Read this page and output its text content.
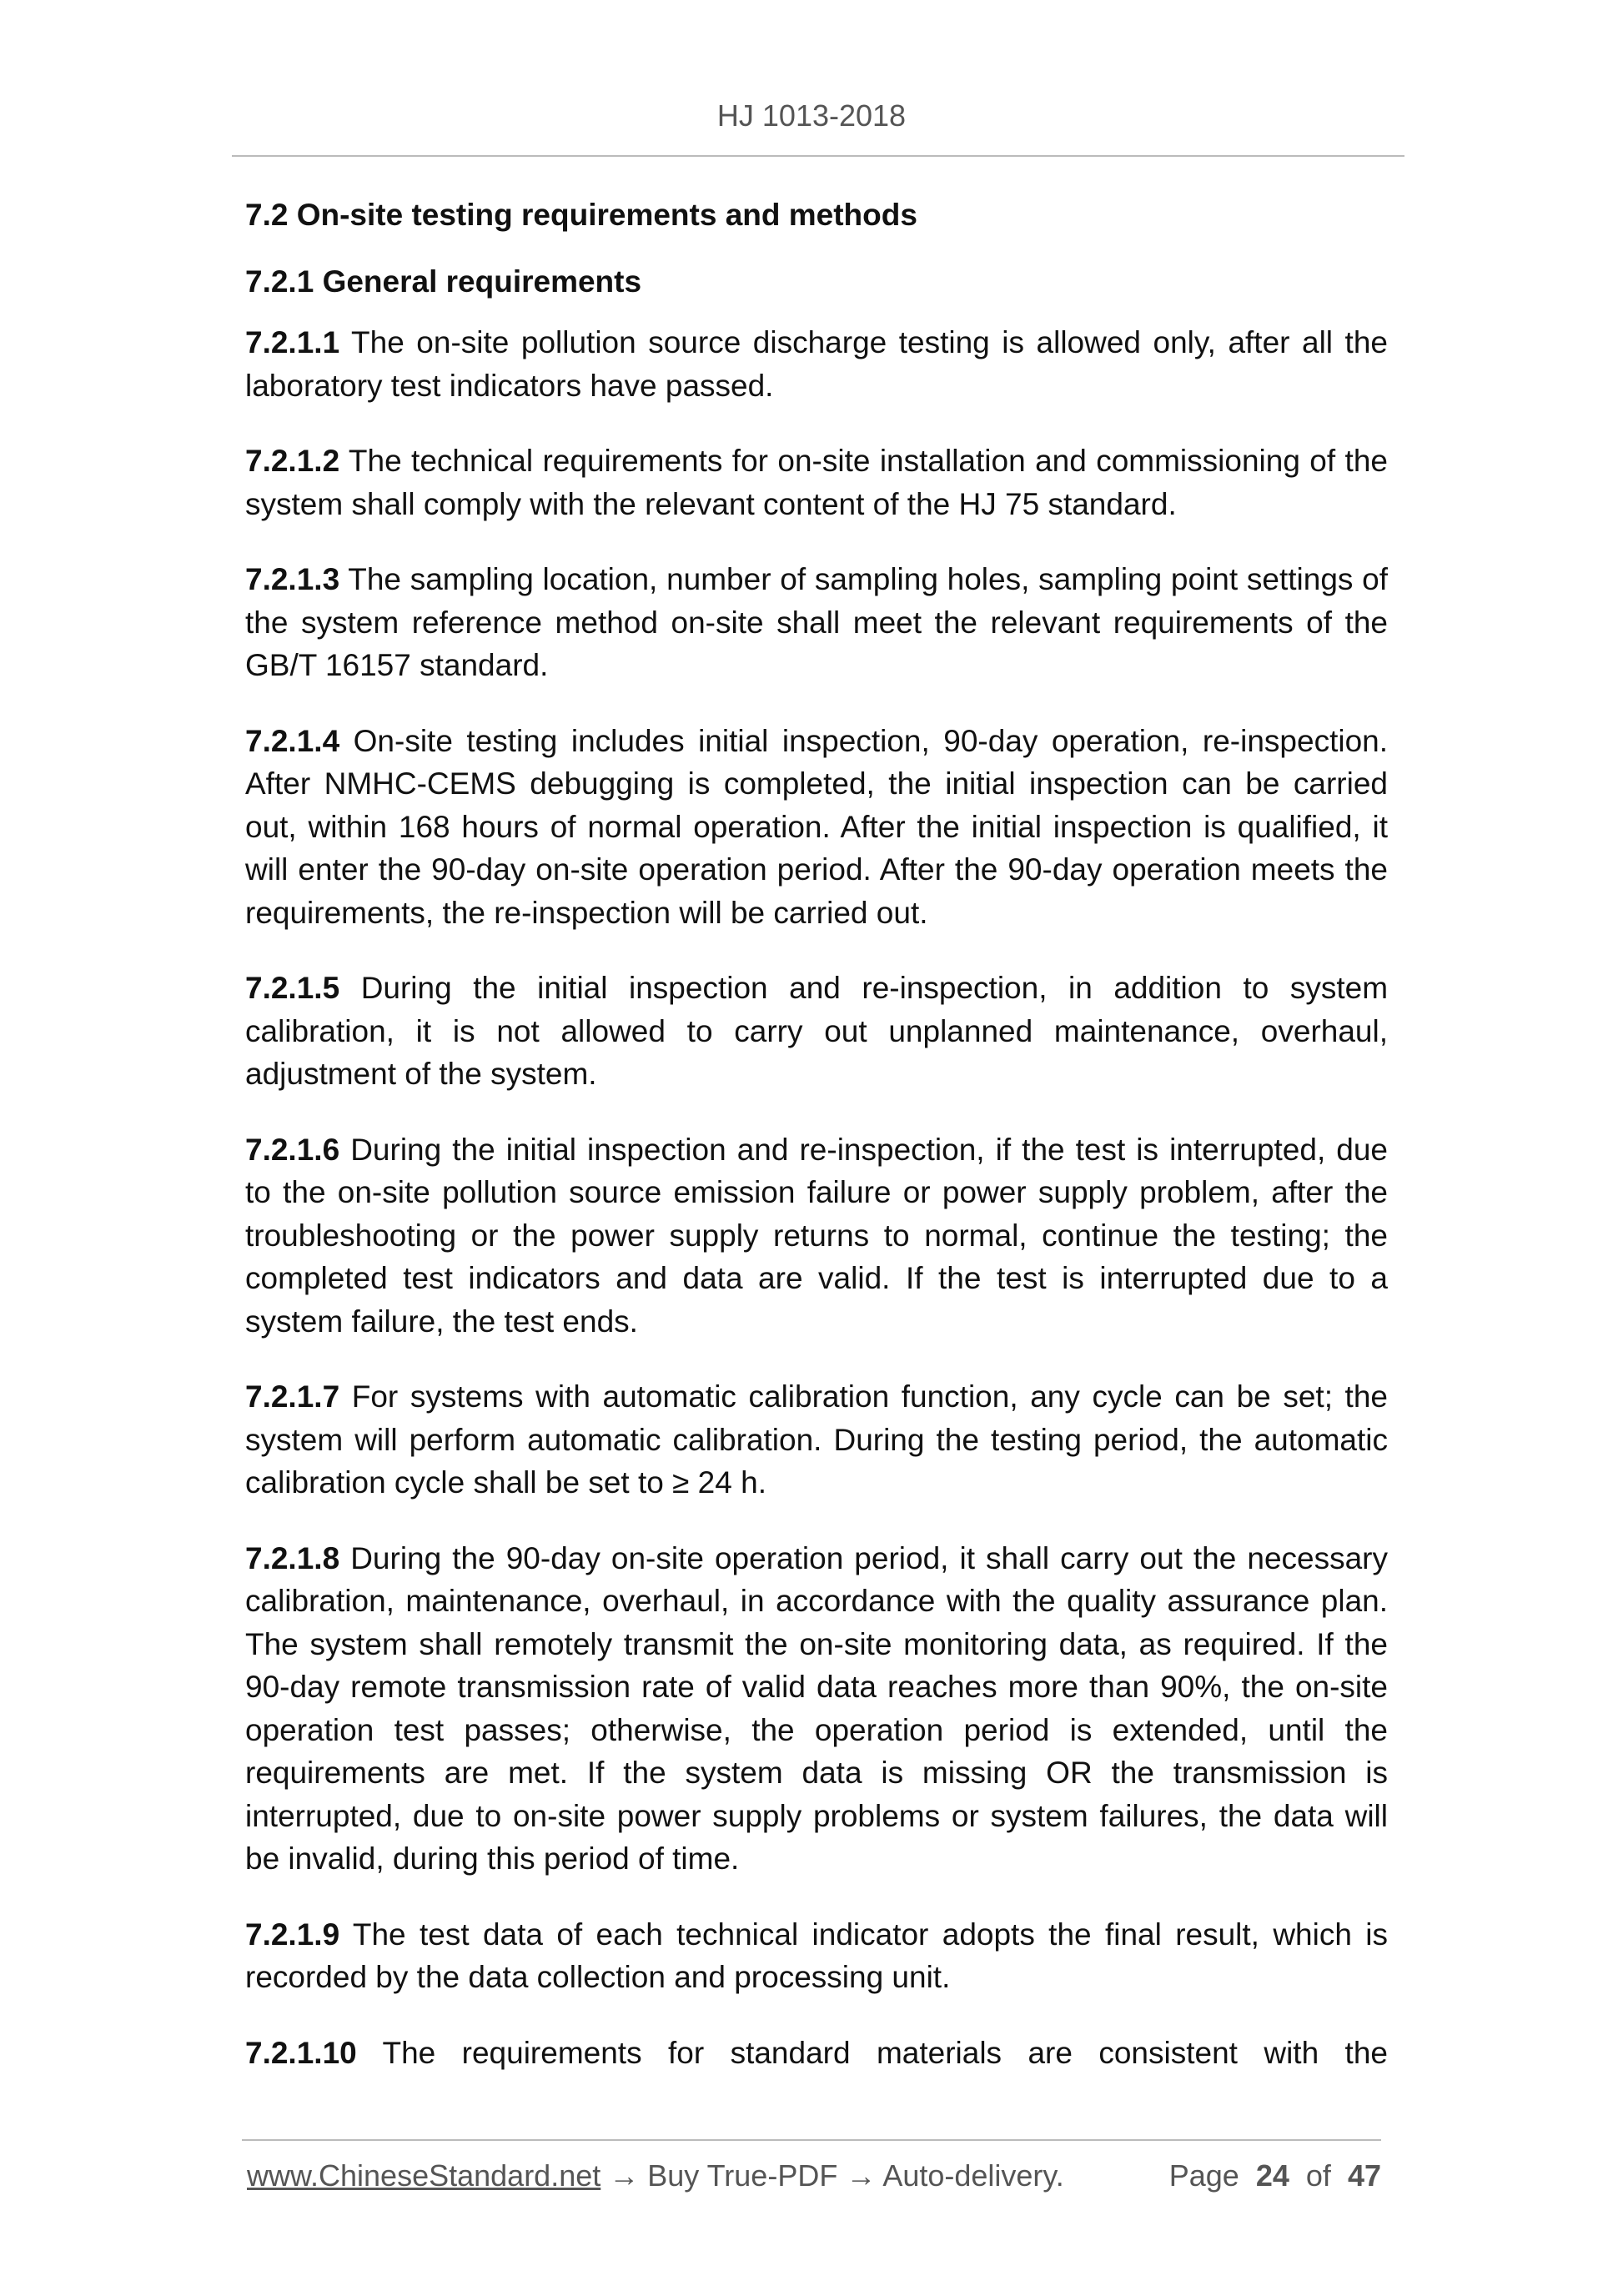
HJ 1013-2018
7.2 On-site testing requirements and methods
7.2.1 General requirements

7.2.1.1 The on-site pollution source discharge testing is allowed only, after all the laboratory test indicators have passed.

7.2.1.2 The technical requirements for on-site installation and commissioning of the system shall comply with the relevant content of the HJ 75 standard.

7.2.1.3 The sampling location, number of sampling holes, sampling point settings of the system reference method on-site shall meet the relevant requirements of the GB/T 16157 standard.

7.2.1.4 On-site testing includes initial inspection, 90-day operation, re-inspection. After NMHC-CEMS debugging is completed, the initial inspection can be carried out, within 168 hours of normal operation. After the initial inspection is qualified, it will enter the 90-day on-site operation period. After the 90-day operation meets the requirements, the re-inspection will be carried out.

7.2.1.5 During the initial inspection and re-inspection, in addition to system calibration, it is not allowed to carry out unplanned maintenance, overhaul, adjustment of the system.

7.2.1.6 During the initial inspection and re-inspection, if the test is interrupted, due to the on-site pollution source emission failure or power supply problem, after the troubleshooting or the power supply returns to normal, continue the testing; the completed test indicators and data are valid. If the test is interrupted due to a system failure, the test ends.

7.2.1.7 For systems with automatic calibration function, any cycle can be set; the system will perform automatic calibration. During the testing period, the automatic calibration cycle shall be set to ≥ 24 h.

7.2.1.8 During the 90-day on-site operation period, it shall carry out the necessary calibration, maintenance, overhaul, in accordance with the quality assurance plan. The system shall remotely transmit the on-site monitoring data, as required. If the 90-day remote transmission rate of valid data reaches more than 90%, the on-site operation test passes; otherwise, the operation period is extended, until the requirements are met. If the system data is missing OR the transmission is interrupted, due to on-site power supply problems or system failures, the data will be invalid, during this period of time.

7.2.1.9 The test data of each technical indicator adopts the final result, which is recorded by the data collection and processing unit.

7.2.1.10 The requirements for standard materials are consistent with the

www.ChineseStandard.net → Buy True-PDF → Auto-delivery.	Page 24 of 47
